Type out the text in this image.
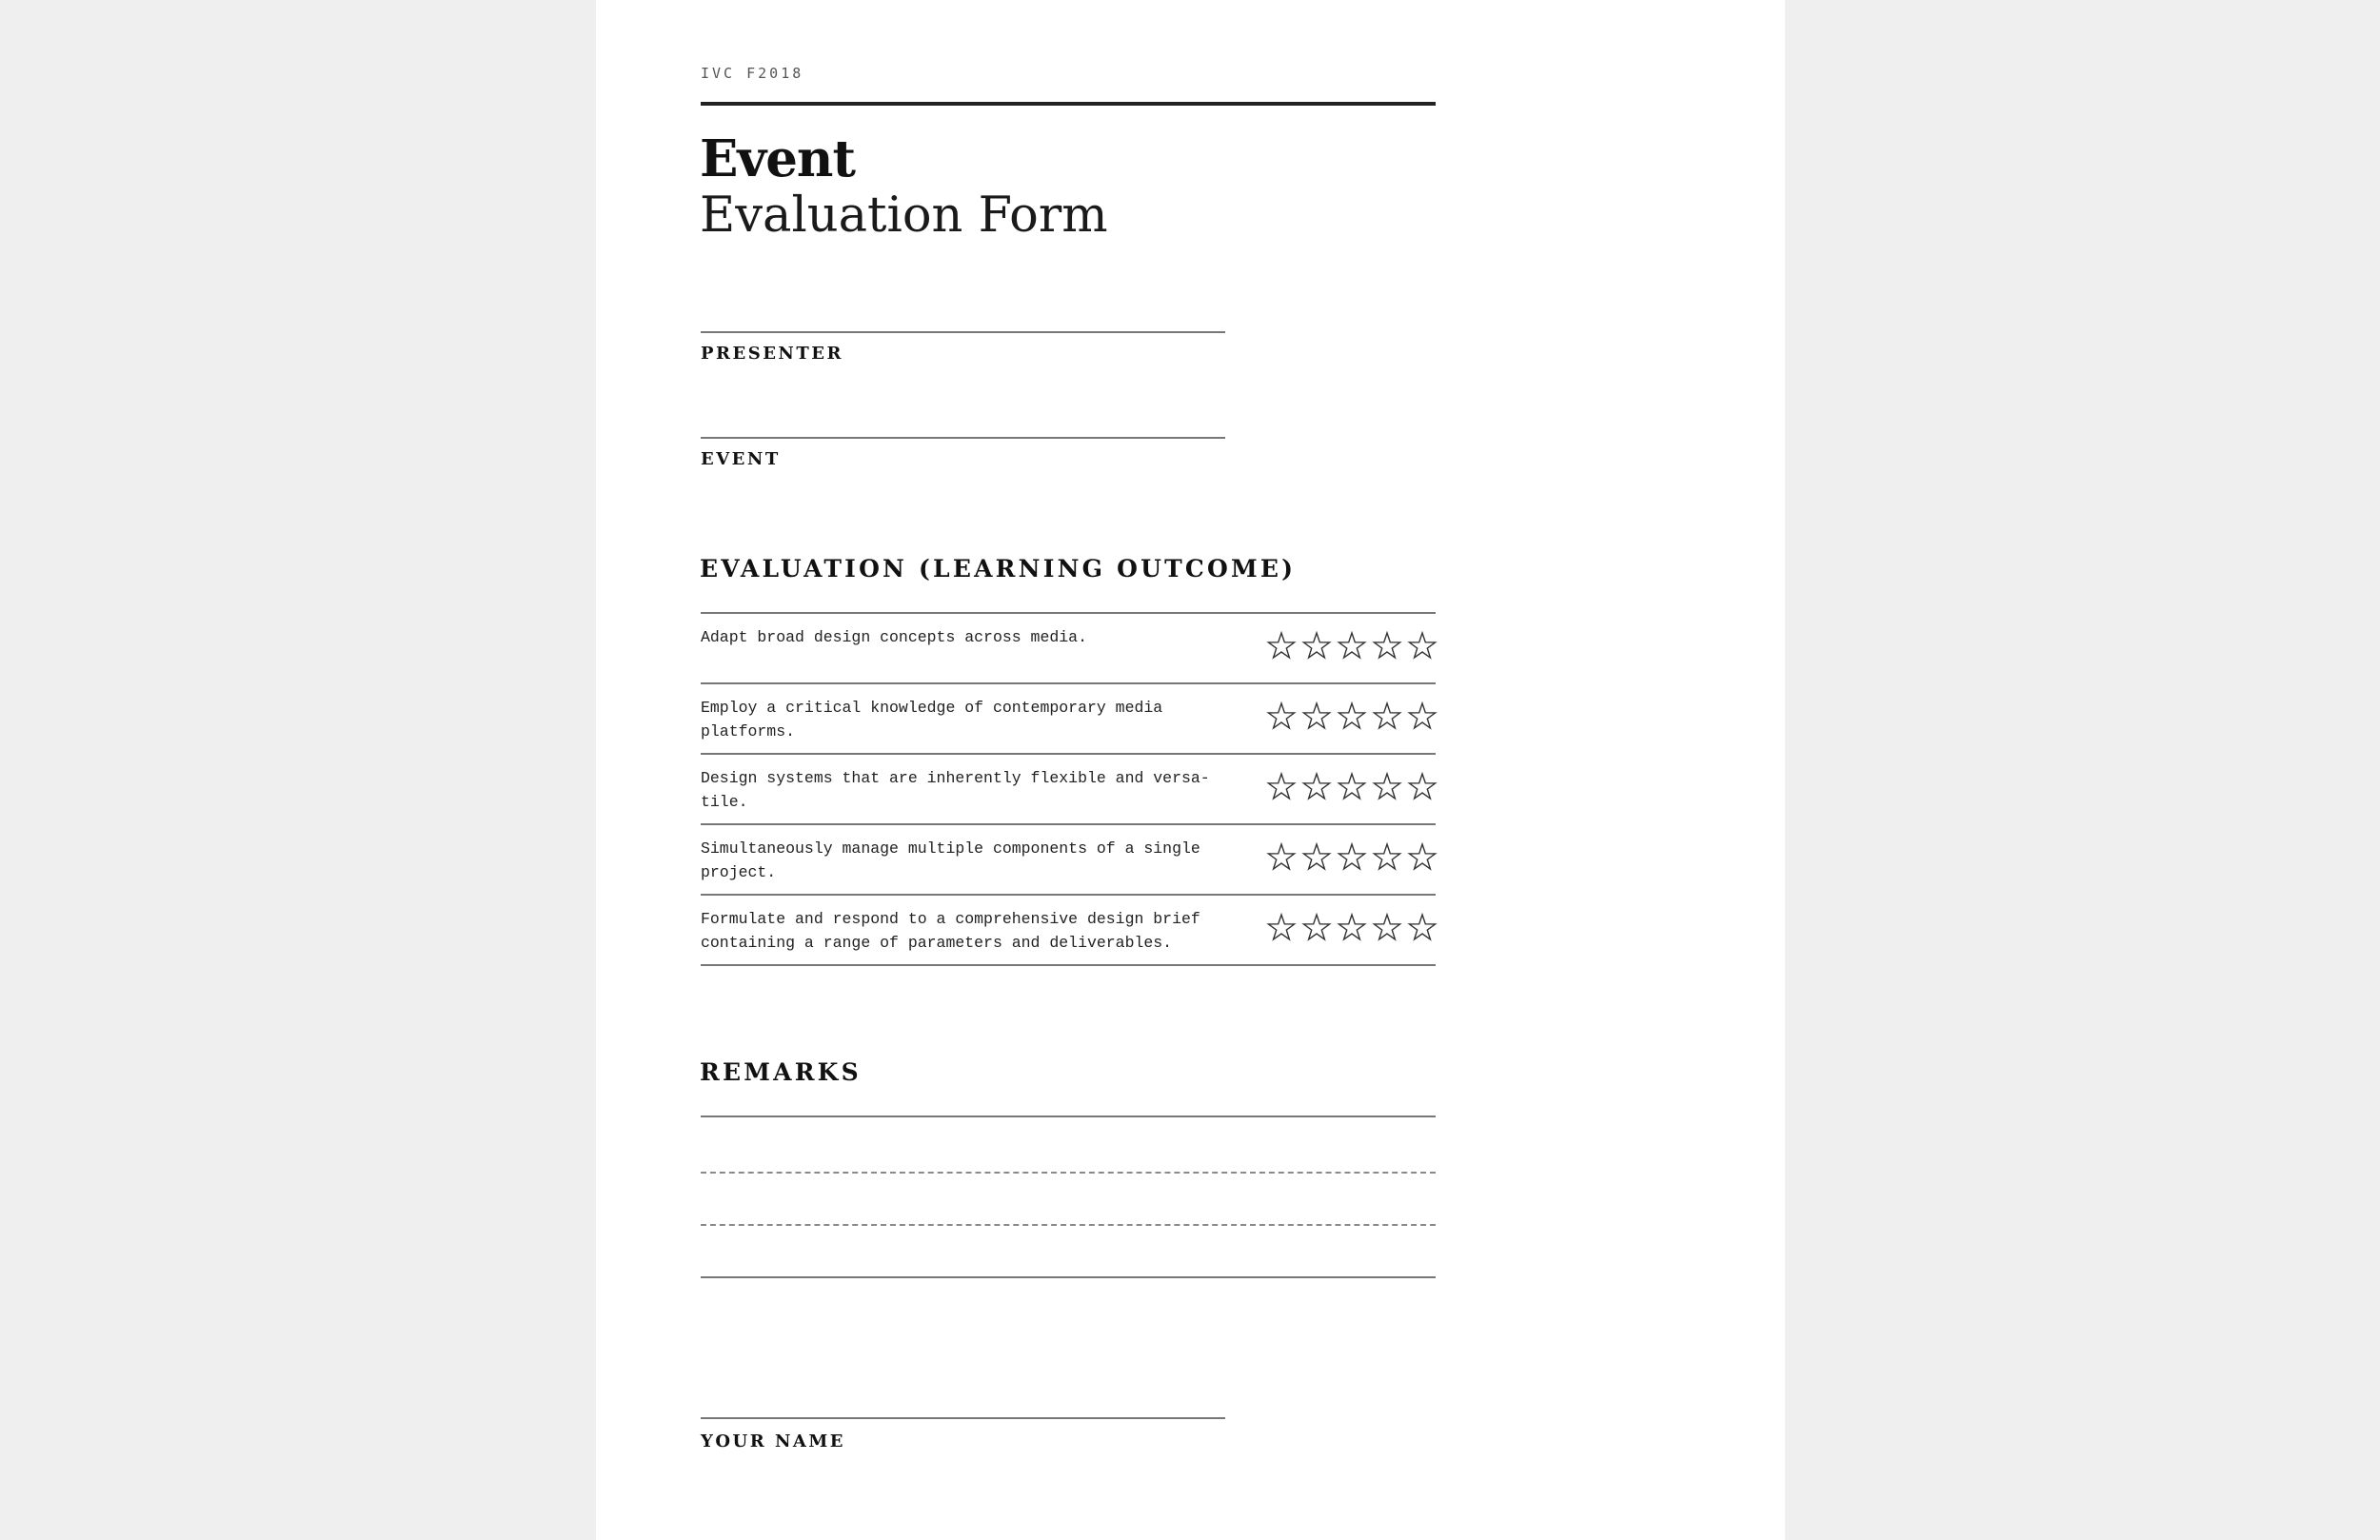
IVC F2018
Event
Evaluation Form
PRESENTER
EVENT
EVALUATION (LEARNING OUTCOME)
Adapt broad design concepts across media.
Employ a critical knowledge of contemporary media platforms.
Design systems that are inherently flexible and versa-tile.
Simultaneously manage multiple components of a single project.
Formulate and respond to a comprehensive design brief containing a range of parameters and deliverables.
REMARKS
YOUR NAME
